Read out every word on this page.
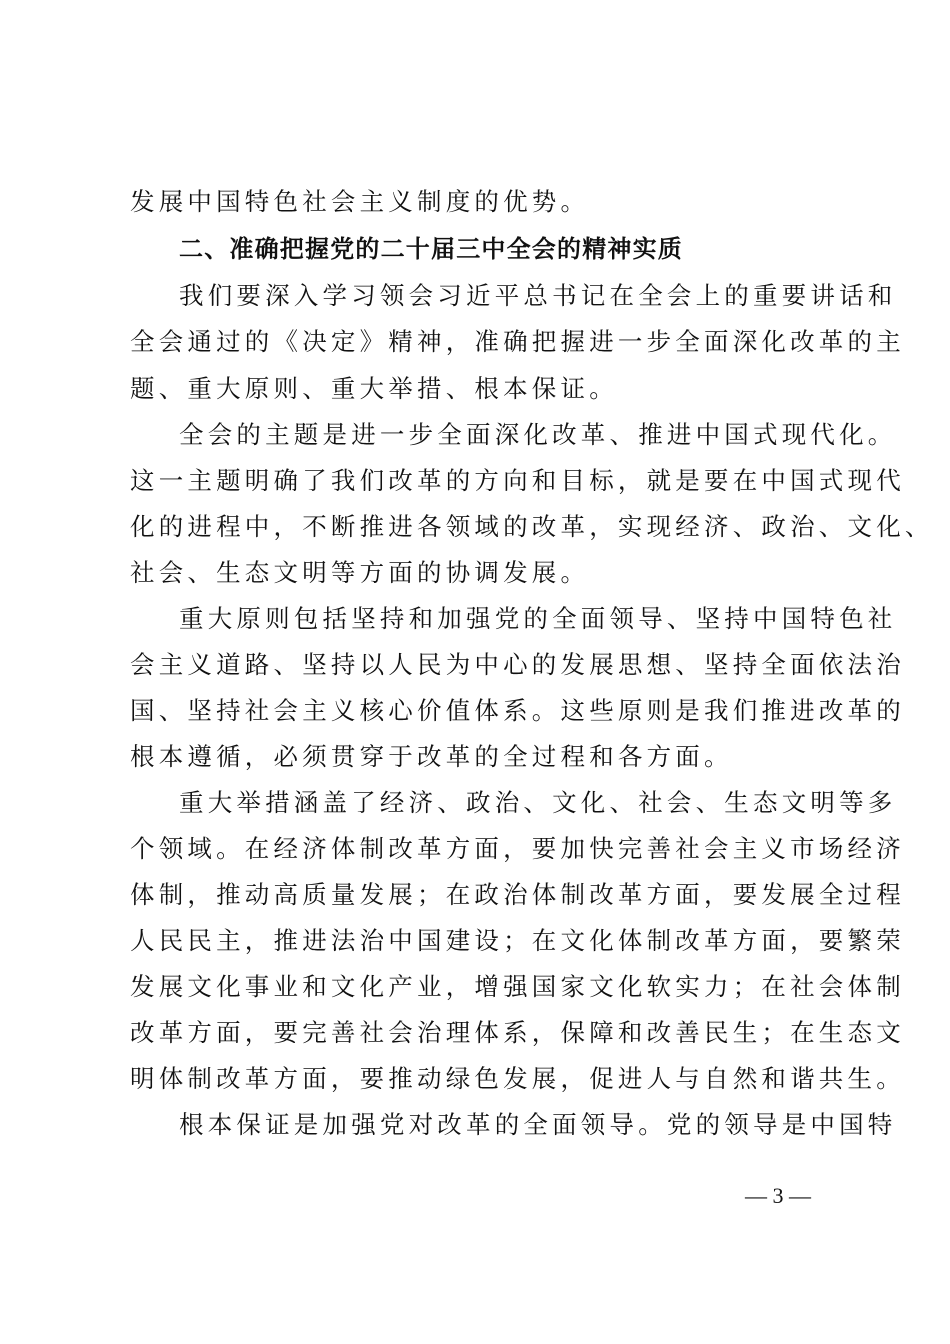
发展中国特色社会主义制度的优势。
二、准确把握党的二十届三中全会的精神实质
我们要深入学习领会习近平总书记在全会上的重要讲话和
全会通过的《决定》精神，准确把握进一步全面深化改革的主
题、重大原则、重大举措、根本保证。
全会的主题是进一步全面深化改革、推进中国式现代化。
这一主题明确了我们改革的方向和目标，就是要在中国式现代
化的进程中，不断推进各领域的改革，实现经济、政治、文化、
社会、生态文明等方面的协调发展。
重大原则包括坚持和加强党的全面领导、坚持中国特色社
会主义道路、坚持以人民为中心的发展思想、坚持全面依法治
国、坚持社会主义核心价值体系。这些原则是我们推进改革的
根本遵循，必须贯穿于改革的全过程和各方面。
重大举措涵盖了经济、政治、文化、社会、生态文明等多
个领域。在经济体制改革方面，要加快完善社会主义市场经济
体制，推动高质量发展；在政治体制改革方面，要发展全过程
人民民主，推进法治中国建设；在文化体制改革方面，要繁荣
发展文化事业和文化产业，增强国家文化软实力；在社会体制
改革方面，要完善社会治理体系，保障和改善民生；在生态文
明体制改革方面，要推动绿色发展，促进人与自然和谐共生。
根本保证是加强党对改革的全面领导。党的领导是中国特
— 3 —
